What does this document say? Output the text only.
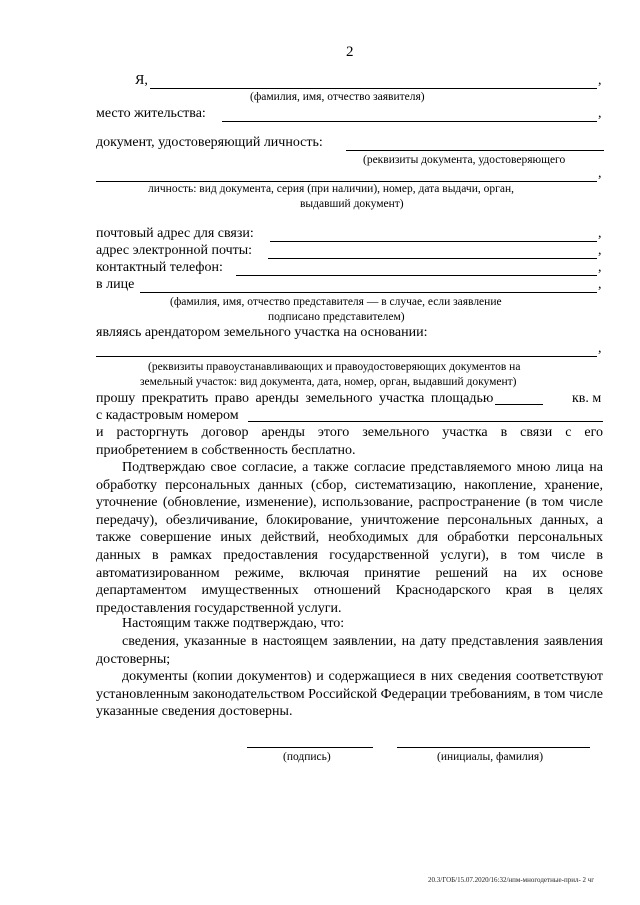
2
Я,	,
(фамилия, имя, отчество заявителя)
место жительства:	,
документ, удостоверяющий личность:
(реквизиты документа, удостоверяющего
,
личность: вид документа, серия (при наличии), номер, дата выдачи, орган,
выдавший документ)
почтовый адрес для связи:	,
адрес электронной почты:	,
контактный телефон:	,
в лице	,
(фамилия, имя, отчество представителя — в случае, если заявление
подписано представителем)
являясь арендатором земельного участка на основании:
,
(реквизиты правоустанавливающих и правоудостоверяющих документов на
земельный участок: вид документа, дата, номер, орган, выдавший документ)
прошу прекратить право аренды земельного участка площадью	кв. м
с кадастровым номером
и расторгнуть договор аренды этого земельного участка в связи с его приобретением в собственность бесплатно.
Подтверждаю свое согласие, а также согласие представляемого мною лица на обработку персональных данных (сбор, систематизацию, накопление, хранение, уточнение (обновление, изменение), использование, распространение (в том числе передачу), обезличивание, блокирование, уничтожение персональных данных, а также совершение иных действий, необходимых для обработки персональных данных в рамках предоставления государственной услуги), в том числе в автоматизированном режиме, включая принятие решений на их основе департаментом имущественных отношений Краснодарского края в целях предоставления государственной услуги.
Настоящим также подтверждаю, что:
сведения, указанные в настоящем заявлении, на дату представления заявления достоверны;
документы (копии документов) и содержащиеся в них сведения соответствуют установленным законодательством Российской Федерации требованиям, в том числе указанные сведения достоверны.
(подпись)	(инициалы, фамилия)
20.3/ГОБ/15.07.2020/16:32/нпм-многодетные-прил- 2 чг
